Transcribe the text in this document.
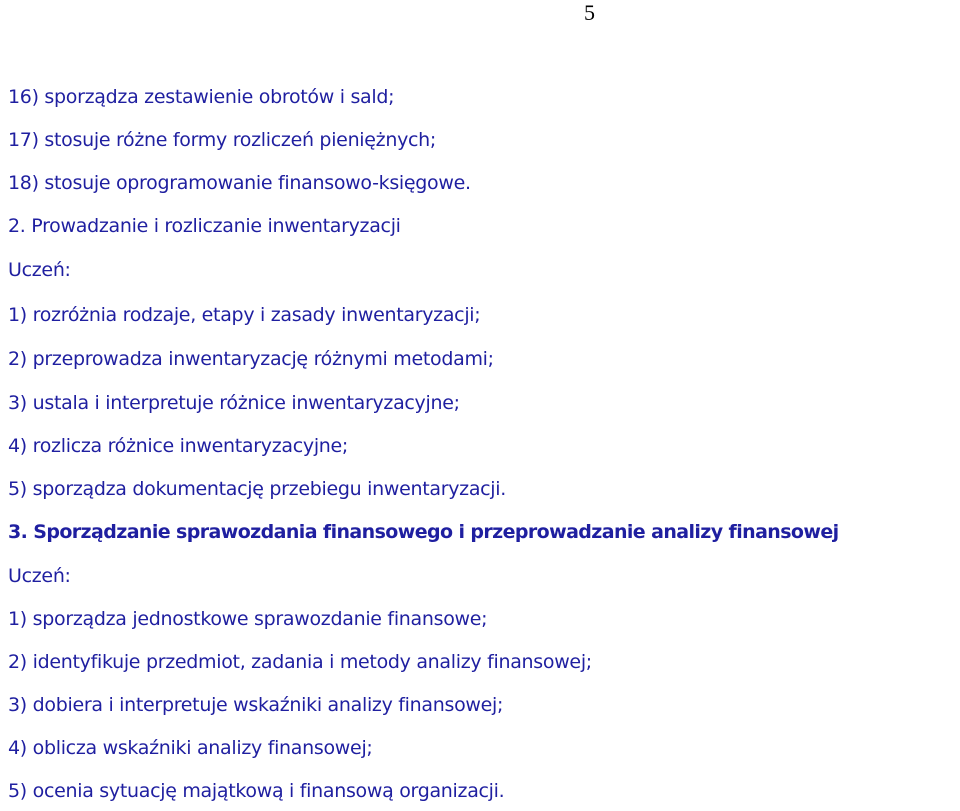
5
16) sporządza zestawienie obrotów i sald;
17) stosuje różne formy rozliczeń pieniężnych;
18) stosuje oprogramowanie finansowo-księgowe.
2. Prowadzanie i rozliczanie inwentaryzacji
Uczeń:
1) rozróżnia rodzaje, etapy i zasady inwentaryzacji;
2) przeprowadza inwentaryzację różnymi metodami;
3) ustala i interpretuje różnice inwentaryzacyjne;
4) rozlicza różnice inwentaryzacyjne;
5) sporządza dokumentację przebiegu inwentaryzacji.
3. Sporządzanie sprawozdania finansowego i przeprowadzanie analizy finansowej
Uczeń:
1) sporządza jednostkowe sprawozdanie finansowe;
2) identyfikuje przedmiot, zadania i metody analizy finansowej;
3) dobiera i interpretuje wskaźniki analizy finansowej;
4) oblicza wskaźniki analizy finansowej;
5) ocenia sytuację majątkową i finansową organizacji.
